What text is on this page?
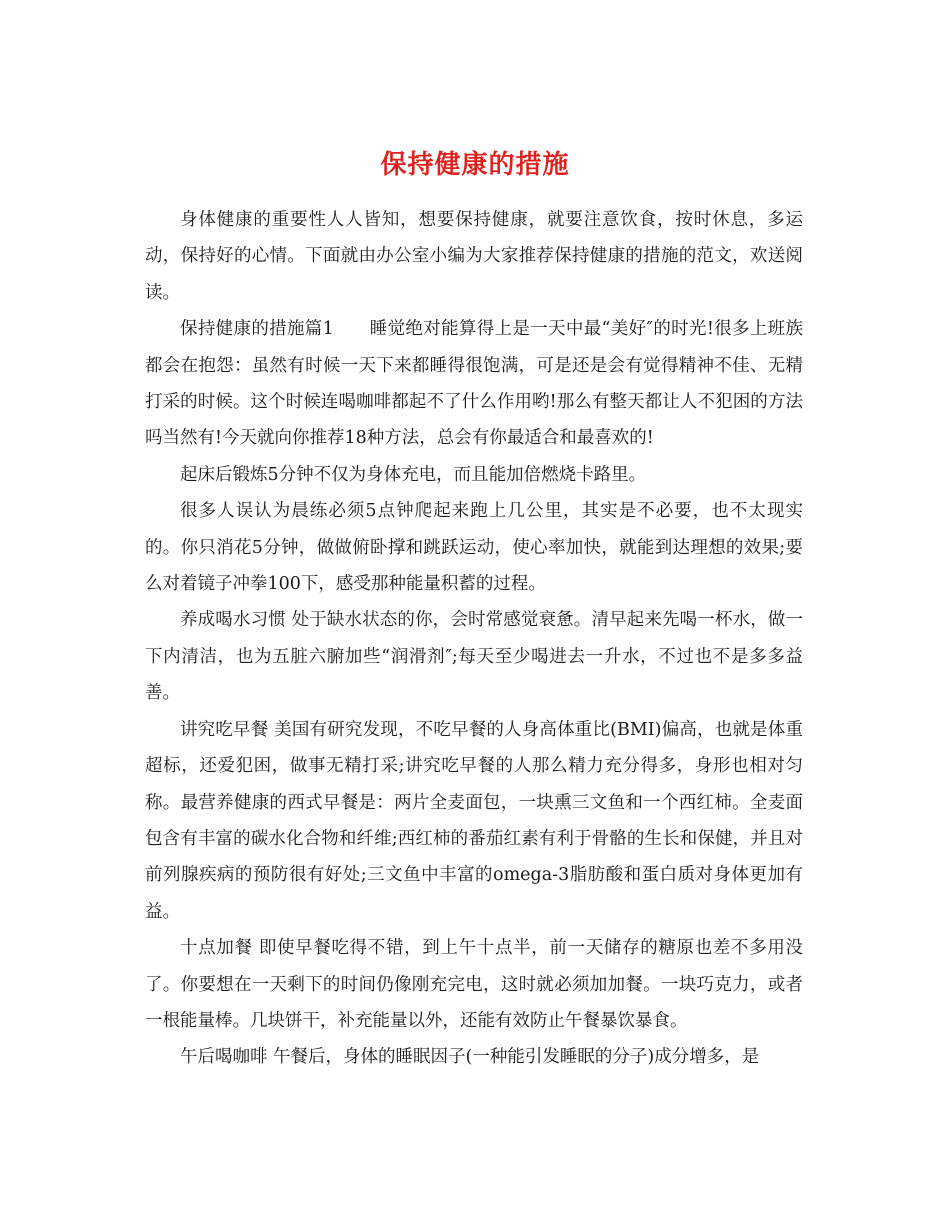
保持健康的措施

身体健康的重要性人人皆知，想要保持健康，就要注意饮食，按时休息，多运动，保持好的心情。下面就由办公室小编为大家推荐保持健康的措施的范文，欢送阅读。

保持健康的措施篇1　　睡觉绝对能算得上是一天中最“美好″的时光!很多上班族都会在抱怨：虽然有时候一天下来都睡得很饱满，可是还是会有觉得精神不佳、无精打采的时候。这个时候连喝咖啡都起不了什么作用哟!那么有整天都让人不犯困的方法吗当然有!今天就向你推荐18种方法，总会有你最适合和最喜欢的!

起床后锻炼5分钟不仅为身体充电，而且能加倍燃烧卡路里。

很多人误认为晨练必须5点钟爬起来跑上几公里，其实是不必要，也不太现实的。你只消花5分钟，做做俯卧撑和跳跃运动，使心率加快，就能到达理想的效果;要么对着镜子冲拳100下，感受那种能量积蓄的过程。

养成喝水习惯 处于缺水状态的你，会时常感觉衰惫。清早起来先喝一杯水，做一下内清洁，也为五脏六腑加些“润滑剂″;每天至少喝进去一升水，不过也不是多多益善。

讲究吃早餐 美国有研究发现，不吃早餐的人身高体重比(BMI)偏高，也就是体重超标，还爱犯困，做事无精打采;讲究吃早餐的人那么精力充分得多，身形也相对匀称。最营养健康的西式早餐是：两片全麦面包，一块熏三文鱼和一个西红柿。全麦面包含有丰富的碳水化合物和纤维;西红柿的番茄红素有利于骨骼的生长和保健，并且对前列腺疾病的预防很有好处;三文鱼中丰富的omega-3脂肪酸和蛋白质对身体更加有益。

十点加餐 即使早餐吃得不错，到上午十点半，前一天储存的糖原也差不多用没了。你要想在一天剩下的时间仍像刚充完电，这时就必须加加餐。一块巧克力，或者一根能量棒。几块饼干，补充能量以外，还能有效防止午餐暴饮暴食。

午后喝咖啡 午餐后，身体的睡眠因子(一种能引发睡眠的分子)成分增多，是
